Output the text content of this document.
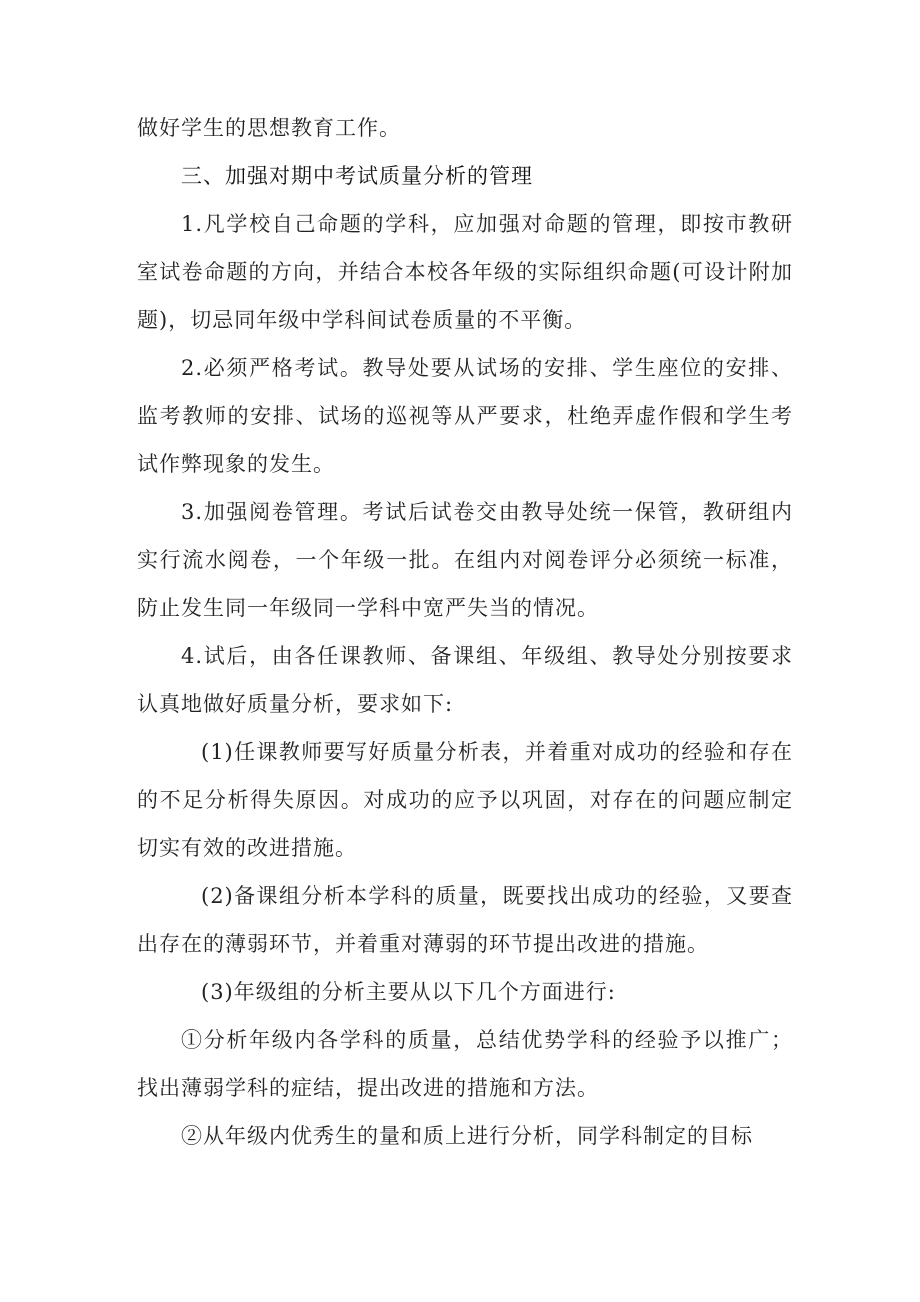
做好学生的思想教育工作。

三、加强对期中考试质量分析的管理

1.凡学校自己命题的学科，应加强对命题的管理，即按市教研室试卷命题的方向，并结合本校各年级的实际组织命题(可设计附加题)，切忌同年级中学科间试卷质量的不平衡。

2.必须严格考试。教导处要从试场的安排、学生座位的安排、监考教师的安排、试场的巡视等从严要求，杜绝弄虚作假和学生考试作弊现象的发生。

3.加强阅卷管理。考试后试卷交由教导处统一保管，教研组内实行流水阅卷，一个年级一批。在组内对阅卷评分必须统一标准，防止发生同一年级同一学科中宽严失当的情况。

4.试后，由各任课教师、备课组、年级组、教导处分别按要求认真地做好质量分析，要求如下:

(1)任课教师要写好质量分析表，并着重对成功的经验和存在的不足分析得失原因。对成功的应予以巩固，对存在的问题应制定切实有效的改进措施。

(2)备课组分析本学科的质量，既要找出成功的经验，又要查出存在的薄弱环节，并着重对薄弱的环节提出改进的措施。

(3)年级组的分析主要从以下几个方面进行:

①分析年级内各学科的质量，总结优势学科的经验予以推广；找出薄弱学科的症结，提出改进的措施和方法。

②从年级内优秀生的量和质上进行分析，同学科制定的目标
